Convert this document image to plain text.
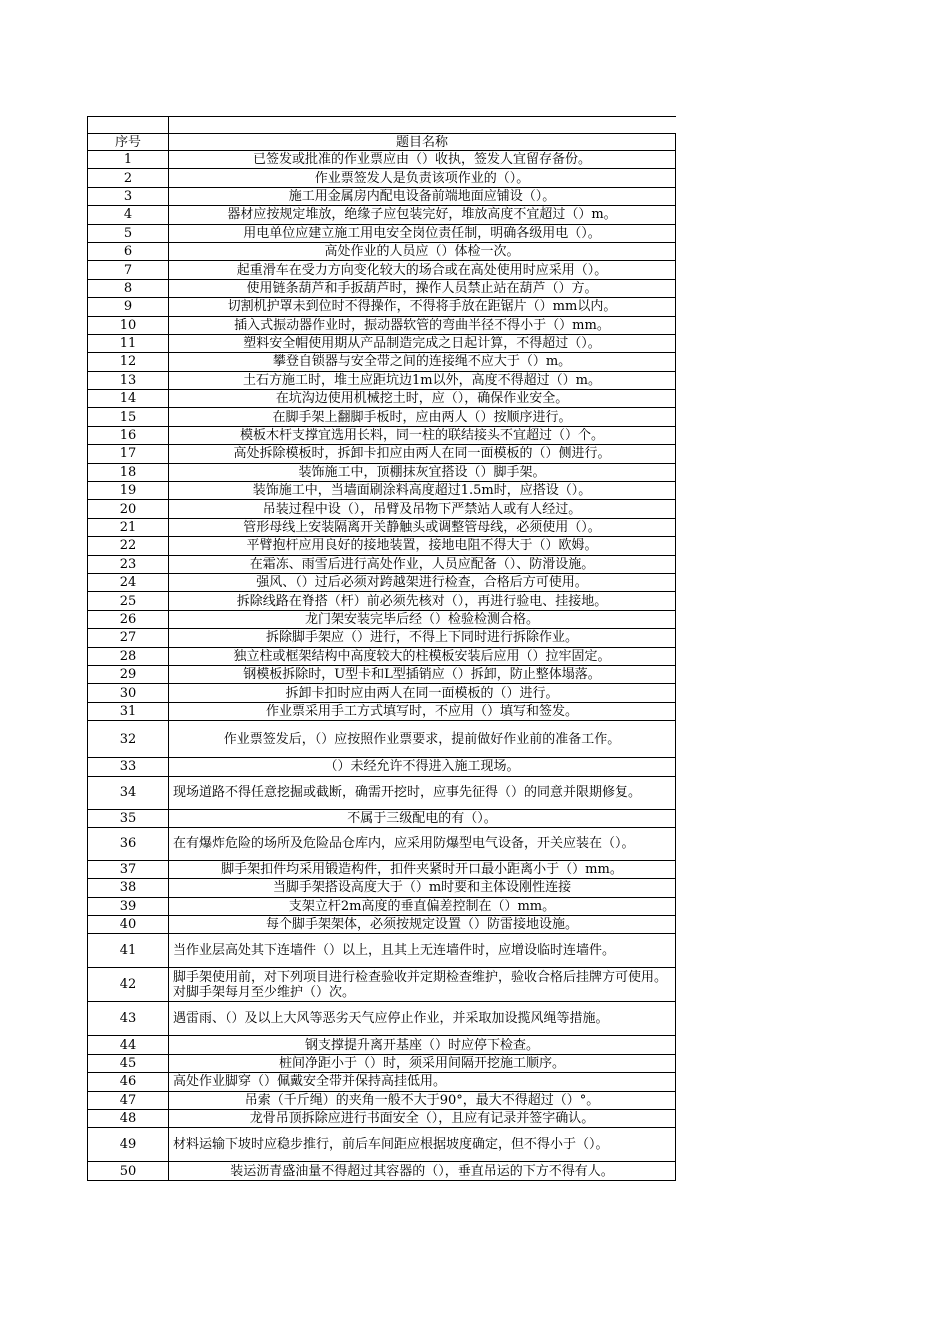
序号	题目名称
1	已签发或批准的作业票应由（）收执，签发人宜留存备份。
2	作业票签发人是负责该项作业的（）。
3	施工用金属房内配电设备前端地面应铺设（）。
4	器材应按规定堆放，绝缘子应包装完好，堆放高度不宜超过（）m。
5	用电单位应建立施工用电安全岗位责任制，明确各级用电（）。
6	高处作业的人员应（）体检一次。
7	起重滑车在受力方向变化较大的场合或在高处使用时应采用（）。
8	使用链条葫芦和手扳葫芦时，操作人员禁止站在葫芦（）方。
9	切割机护罩未到位时不得操作，不得将手放在距锯片（）mm以内。
10	插入式振动器作业时，振动器软管的弯曲半径不得小于（）mm。
11	塑料安全帽使用期从产品制造完成之日起计算，不得超过（）。
12	攀登自锁器与安全带之间的连接绳不应大于（）m。
13	土石方施工时，堆土应距坑边1m以外，高度不得超过（）m。
14	在坑沟边使用机械挖土时，应（），确保作业安全。
15	在脚手架上翻脚手板时，应由两人（）按顺序进行。
16	模板木杆支撑宜选用长料，同一柱的联结接头不宜超过（）个。
17	高处拆除模板时，拆卸卡扣应由两人在同一面模板的（）侧进行。
18	装饰施工中，顶棚抹灰宜搭设（）脚手架。
19	装饰施工中，当墙面刷涂料高度超过1.5m时，应搭设（）。
20	吊装过程中设（），吊臂及吊物下严禁站人或有人经过。
21	管形母线上安装隔离开关静触头或调整管母线，必须使用（）。
22	平臂抱杆应用良好的接地装置，接地电阻不得大于（）欧姆。
23	在霜冻、雨雪后进行高处作业，人员应配备（）、防滑设施。
24	强风、（）过后必须对跨越架进行检查，合格后方可使用。
25	拆除线路在脊搭（杆）前必须先核对（），再进行验电、挂接地。
26	龙门架安装完毕后经（）检验检测合格。
27	拆除脚手架应（）进行，不得上下同时进行拆除作业。
28	独立柱或框架结构中高度较大的柱模板安装后应用（）拉牢固定。
29	钢模板拆除时，U型卡和L型插销应（）拆卸，防止整体塌落。
30	拆卸卡扣时应由两人在同一面模板的（）进行。
31	作业票采用手工方式填写时，不应用（）填写和签发。
32	作业票签发后，（）应按照作业票要求，提前做好作业前的准备工作。
33	（）未经允许不得进入施工现场。
34	现场道路不得任意挖掘或截断，确需开挖时，应事先征得（）的同意并限期修复。
35	不属于三级配电的有（）。
36	在有爆炸危险的场所及危险品仓库内，应采用防爆型电气设备，开关应装在（）。
37	脚手架扣件均采用锻造构件，扣件夹紧时开口最小距离小于（）mm。
38	当脚手架搭设高度大于（）m时要和主体设刚性连接
39	支架立杆2m高度的垂直偏差控制在（）mm。
40	每个脚手架架体，必须按规定设置（）防雷接地设施。
41	当作业层高处其下连墙件（）以上，且其上无连墙件时，应增设临时连墙件。
42	脚手架使用前，对下列项目进行检查验收并定期检查维护，验收合格后挂牌方可使用。对脚手架每月至少维护（）次。
43	遇雷雨、（）及以上大风等恶劣天气应停止作业，并采取加设揽风绳等措施。
44	钢支撑提升离开基座（）时应停下检查。
45	桩间净距小于（）时，须采用间隔开挖施工顺序。
46	高处作业脚穿（）佩戴安全带并保持高挂低用。
47	吊索（千斤绳）的夹角一般不大于90°，最大不得超过（）°。
48	龙骨吊顶拆除应进行书面安全（），且应有记录并签字确认。
49	材料运输下坡时应稳步推行，前后车间距应根据坡度确定，但不得小于（）。
50	装运沥青盛油量不得超过其容器的（），垂直吊运的下方不得有人。
